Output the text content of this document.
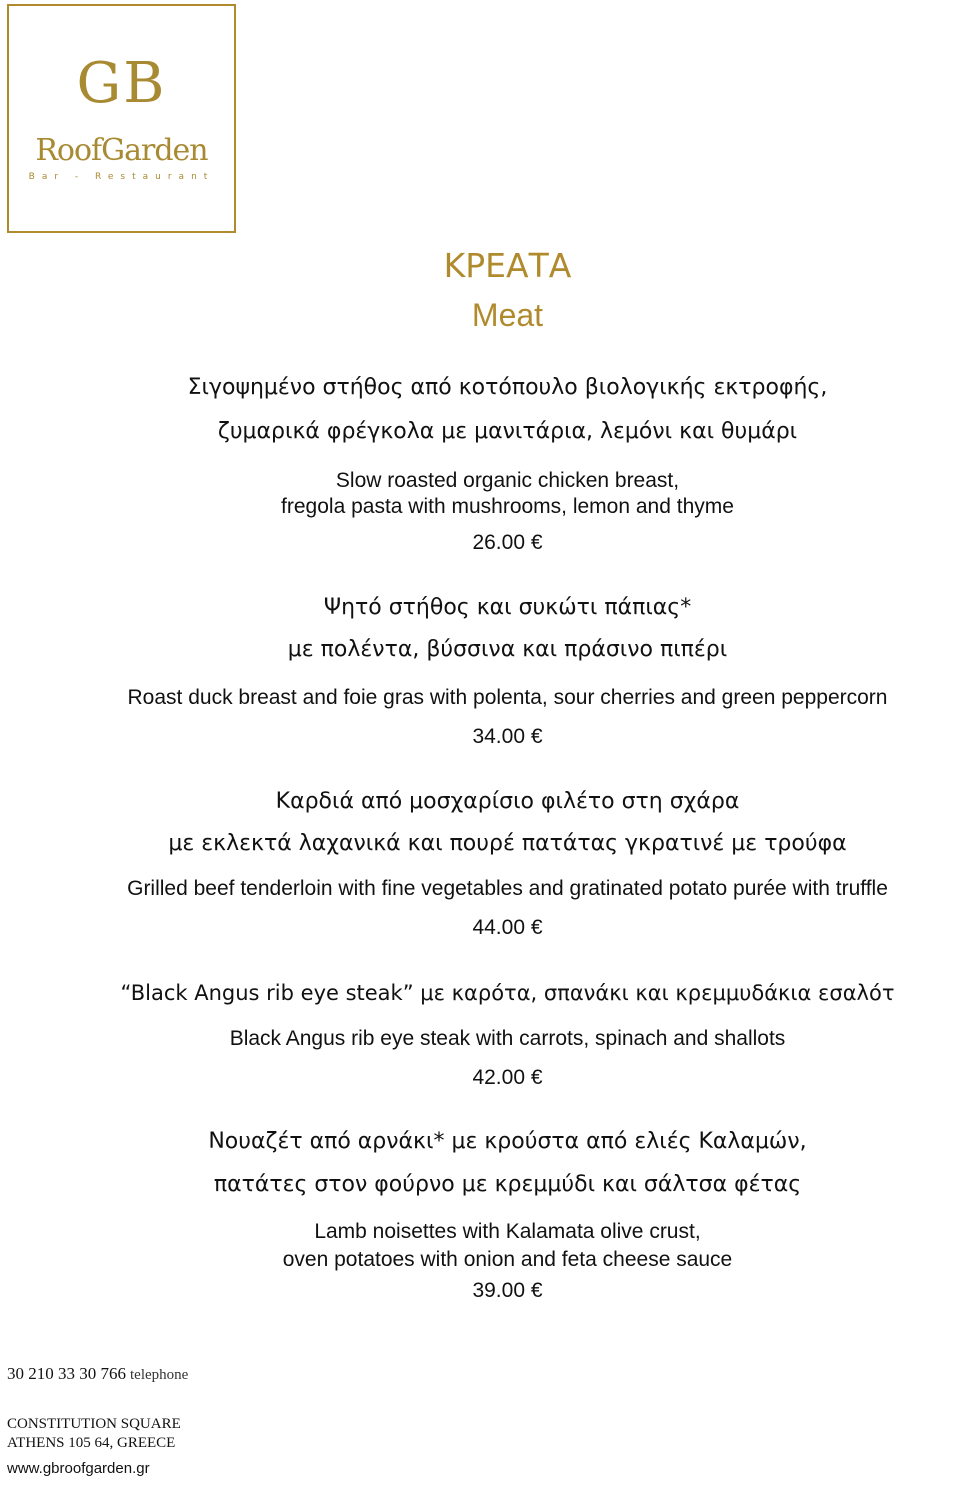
GB
RoofGarden
Bar - Restaurant
ΚΡΕΑΤΑ
Meat
Σιγοψημένο στήθος από κοτόπουλο βιολογικής εκτροφής,
ζυμαρικά φρέγκολα με μανιτάρια, λεμόνι και θυμάρι
Slow roasted organic chicken breast,
fregola pasta with mushrooms, lemon and thyme
26.00 €
Ψητό στήθος και συκώτι πάπιας*
με πολέντα, βύσσινα και πράσινο πιπέρι
Roast duck breast and foie gras with polenta, sour cherries and green peppercorn
34.00 €
Καρδιά από μοσχαρίσιο φιλέτο στη σχάρα
με εκλεκτά λαχανικά και πουρέ πατάτας γκρατινέ με τρούφα
Grilled beef tenderloin with fine vegetables and gratinated potato purée with truffle
44.00 €
“Black Angus rib eye steak” με καρότα, σπανάκι και κρεμμυδάκια εσαλότ
Black Angus rib eye steak with carrots, spinach and shallots
42.00 €
Νουαζέτ από αρνάκι* με κρούστα από ελιές Καλαμών,
πατάτες στον φούρνο με κρεμμύδι και σάλτσα φέτας
Lamb noisettes with Kalamata olive crust,
oven potatoes with onion and feta cheese sauce
39.00 €
30 210 33 30 766 telephone
CONSTITUTION SQUARE
ATHENS 105 64, GREECE
www.gbroofgarden.gr
